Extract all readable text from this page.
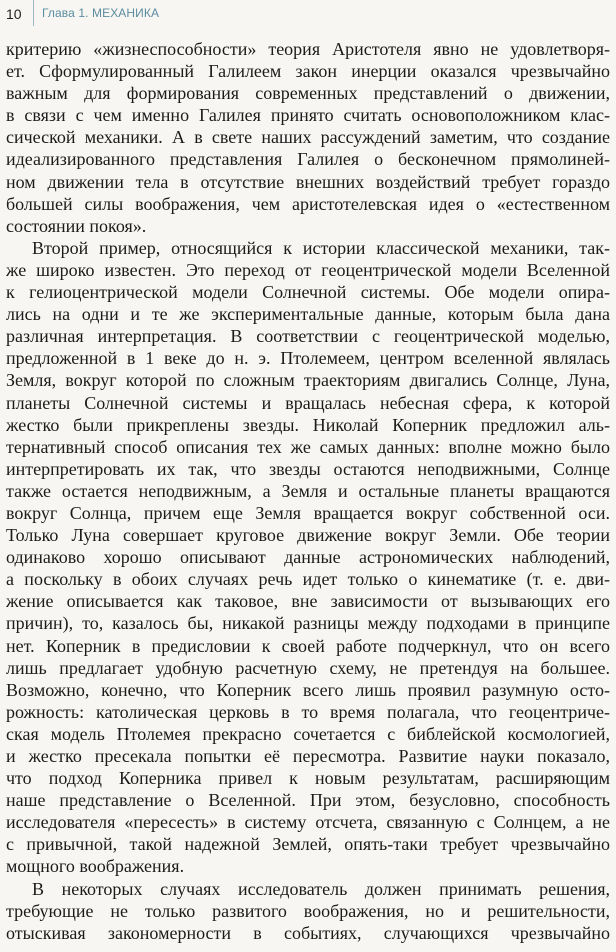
10 Глава 1. МЕХАНИКА
критерию «жизнеспособности» теория Аристотеля явно не удовлетворя-
ет. Сформулированный Галилеем закон инерции оказался чрезвычайно
важным для формирования современных представлений о движении,
в связи с чем именно Галилея принято считать основоположником клас-
сической механики. А в свете наших рассуждений заметим, что создание
идеализированного представления Галилея о бесконечном прямолиней-
ном движении тела в отсутствие внешних воздействий требует гораздо
большей силы воображения, чем аристотелевская идея о «естественном
состоянии покоя».
Второй пример, относящийся к истории классической механики, так-
же широко известен. Это переход от геоцентрической модели Вселенной
к гелиоцентрической модели Солнечной системы. Обе модели опира-
лись на одни и те же экспериментальные данные, которым была дана
различная интерпретация. В соответствии с геоцентрической моделью,
предложенной в 1 веке до н. э. Птолемеем, центром вселенной являлась
Земля, вокруг которой по сложным траекториям двигались Солнце, Луна,
планеты Солнечной системы и вращалась небесная сфера, к которой
жестко были прикреплены звезды. Николай Коперник предложил аль-
тернативный способ описания тех же самых данных: вполне можно было
интерпретировать их так, что звезды остаются неподвижными, Солнце
также остается неподвижным, а Земля и остальные планеты вращаются
вокруг Солнца, причем еще Земля вращается вокруг собственной оси.
Только Луна совершает круговое движение вокруг Земли. Обе теории
одинаково хорошо описывают данные астрономических наблюдений,
а поскольку в обоих случаях речь идет только о кинематике (т. е. дви-
жение описывается как таковое, вне зависимости от вызывающих его
причин), то, казалось бы, никакой разницы между подходами в принципе
нет. Коперник в предисловии к своей работе подчеркнул, что он всего
лишь предлагает удобную расчетную схему, не претендуя на большее.
Возможно, конечно, что Коперник всего лишь проявил разумную осто-
рожность: католическая церковь в то время полагала, что геоцентриче-
ская модель Птолемея прекрасно сочетается с библейской космологией,
и жестко пресекала попытки её пересмотра. Развитие науки показало,
что подход Коперника привел к новым результатам, расширяющим
наше представление о Вселенной. При этом, безусловно, способность
исследователя «пересесть» в систему отсчета, связанную с Солнцем, а не
с привычной, такой надежной Землей, опять-таки требует чрезвычайно
мощного воображения.
В некоторых случаях исследователь должен принимать решения,
требующие не только развитого воображения, но и решительности,
отыскивая закономерности в событиях, случающихся чрезвычайно
